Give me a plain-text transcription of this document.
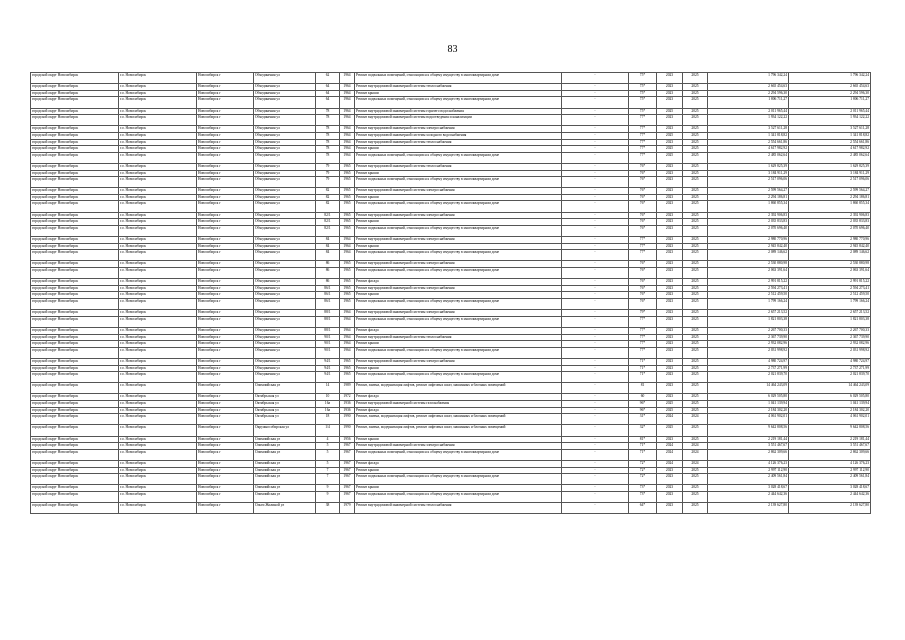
83
городской округ Новосибирск	г.о. Новосибирск	Новосибирск г	Объединения ул	62	1964	Ремонт подвальных помещений, относящихся к общему имуществу в многоквартирном доме	-	75*	2023	2025	1 796 342,24	1 796 342,24
городской округ Новосибирск	г.о. Новосибирск	Новосибирск г	Объединения ул	64	1964	Ремонт внутридомовой инженерной системы теплоснабжения	-	75*	2023	2025	2 665 454,63	2 665 454,63
городской округ Новосибирск	г.о. Новосибирск	Новосибирск г	Объединения ул	64	1964	Ремонт крыши	-	75*	2023	2025	2 294 596,30	2 294 596,30
городской округ Новосибирск	г.о. Новосибирск	Новосибирск г	Объединения ул	64	1964	Ремонт подвальных помещений, относящихся к общему имуществу в многоквартирном доме	-	75*	2023	2025	1 806 711,27	1 806 711,27
городской округ Новосибирск	г.о. Новосибирск	Новосибирск г	Объединения ул	78	1964	Ремонт внутридомовой инженерной системы горячего водоснабжения	-	75*	2025	2025	2 011 965,44	2 011 965,44
городской округ Новосибирск	г.о. Новосибирск	Новосибирск г	Объединения ул	78	1964	Ремонт внутридомовой инженерной системы водоотведения и канализации	-	77*	2023	2025	1 934 122,22	1 934 122,22
городской округ Новосибирск	г.о. Новосибирск	Новосибирск г	Объединения ул	78	1964	Ремонт внутридомовой инженерной системы электроснабжения	-	77*	2023	2025	3 527 611,28	3 527 611,28
городской округ Новосибирск	г.о. Новосибирск	Новосибирск г	Объединения ул	78	1964	Ремонт внутридомовой инженерной системы холодного водоснабжения	-	77*	2025	2025	1 341 818,82	1 341 818,82
городской округ Новосибирск	г.о. Новосибирск	Новосибирск г	Объединения ул	78	1964	Ремонт внутридомовой инженерной системы теплоснабжения	-	77*	2023	2025	2 554 661,86	2 554 661,86
городской округ Новосибирск	г.о. Новосибирск	Новосибирск г	Объединения ул	78	1964	Ремонт крыши	-	77*	2025	2025	4 617 982,92	4 617 982,92
городской округ Новосибирск	г.о. Новосибирск	Новосибирск г	Объединения ул	78	1964	Ремонт подвальных помещений, относящихся к общему имуществу в многоквартирном доме	-	77*	2025	2025	2 485 062,64	2 485 062,64
городской округ Новосибирск	г.о. Новосибирск	Новосибирск г	Объединения ул	79	1965	Ремонт внутридомовой инженерной системы теплоснабжения	-	76*	2023	2025	1 629 825,39	1 629 825,39
городской округ Новосибирск	г.о. Новосибирск	Новосибирск г	Объединения ул	79	1965	Ремонт крыши	-	76*	2023	2025	3 184 911,29	3 184 911,29
городской округ Новосибирск	г.о. Новосибирск	Новосибирск г	Объединения ул	79	1965	Ремонт подвальных помещений, относящихся к общему имуществу в многоквартирном доме	-	76*	2023	2025	2 517 096,06	2 517 096,06
городской округ Новосибирск	г.о. Новосибирск	Новосибирск г	Объединения ул	82	1965	Ремонт внутридомовой инженерной системы электроснабжения	-	76*	2023	2025	2 599 564,27	2 599 564,27
городской округ Новосибирск	г.о. Новосибирск	Новосибирск г	Объединения ул	82	1965	Ремонт крыши	-	76*	2023	2025	2 294 186,81	2 294 186,81
городской округ Новосибирск	г.о. Новосибирск	Новосибирск г	Объединения ул	82	1965	Ремонт подвальных помещений, относящихся к общему имуществу в многоквартирном доме	-	76*	2023	2025	1 860 855,34	1 860 855,34
городской округ Новосибирск	г.о. Новосибирск	Новосибирск г	Объединения ул	82/1	1965	Ремонт внутридомовой инженерной системы электроснабжения	-	76*	2023	2025	2 392 906,83	2 392 906,83
городской округ Новосибирск	г.о. Новосибирск	Новосибирск г	Объединения ул	82/1	1965	Ремонт крыши	-	76*	2023	2025	2 035 833,83	2 035 833,83
городской округ Новосибирск	г.о. Новосибирск	Новосибирск г	Объединения ул	82/1	1965	Ремонт подвальных помещений, относящихся к общему имуществу в многоквартирном доме	-	76*	2023	2025	2 070 696,40	2 070 696,40
городской округ Новосибирск	г.о. Новосибирск	Новосибирск г	Объединения ул	84	1964	Ремонт внутридомовой инженерной системы электроснабжения	-	77*	2023	2025	2 980 770,96	2 980 770,96
городской округ Новосибирск	г.о. Новосибирск	Новосибирск г	Объединения ул	84	1964	Ремонт крыши	-	77*	2023	2025	2 945 842,40	2 945 842,40
городской округ Новосибирск	г.о. Новосибирск	Новосибирск г	Объединения ул	84	1964	Ремонт подвальных помещений, относящихся к общему имуществу в многоквартирном доме	-	77*	2023	2025	2 089 146,62	2 089 146,62
городской округ Новосибирск	г.о. Новосибирск	Новосибирск г	Объединения ул	86	1965	Ремонт внутридомовой инженерной системы электроснабжения	-	76*	2023	2025	2 530 880,98	2 530 880,98
городской округ Новосибирск	г.о. Новосибирск	Новосибирск г	Объединения ул	86	1965	Ремонт подвальных помещений, относящихся к общему имуществу в многоквартирном доме	-	76*	2023	2025	2 063 391,64	2 063 391,64
городской округ Новосибирск	г.о. Новосибирск	Новосибирск г	Объединения ул	86	1965	Ремонт фасада	-	76*	2023	2025	2 991 815,22	2 991 815,22
городской округ Новосибирск	г.о. Новосибирск	Новосибирск г	Объединения ул	86/1	1965	Ремонт внутридомовой инженерной системы электроснабжения	-	76*	2023	2025	2 594 273,41	2 594 273,41
городской округ Новосибирск	г.о. Новосибирск	Новосибирск г	Объединения ул	86/1	1965	Ремонт крыши	-	76*	2023	2025	2 512 459,50	2 512 459,50
городской округ Новосибирск	г.о. Новосибирск	Новосибирск г	Объединения ул	86/1	1965	Ремонт подвальных помещений, относящихся к общему имуществу в многоквартирном доме	-	76*	2023	2025	1 799 166,24	1 799 166,24
городской округ Новосибирск	г.о. Новосибирск	Новосибирск г	Объединения ул	88/1	1964	Ремонт внутридомовой инженерной системы электроснабжения	-	79*	2023	2025	2 657 213,52	2 657 213,52
городской округ Новосибирск	г.о. Новосибирск	Новосибирск г	Объединения ул	88/1	1964	Ремонт подвальных помещений, относящихся к общему имуществу в многоквартирном доме	-	77*	2023	2025	1 821 803,38	1 821 803,38
городской округ Новосибирск	г.о. Новосибирск	Новосибирск г	Объединения ул	88/1	1964	Ремонт фасада	-	77*	2023	2025	2 267 700,33	2 267 700,33
городской округ Новосибирск	г.о. Новосибирск	Новосибирск г	Объединения ул	90/1	1964	Ремонт внутридомовой инженерной системы теплоснабжения	-	77*	2023	2025	2 367 739,90	2 367 739,90
городской округ Новосибирск	г.о. Новосибирск	Новосибирск г	Объединения ул	90/1	1964	Ремонт крыши	-	77*	2023	2025	2 932 082,96	2 932 082,96
городской округ Новосибирск	г.о. Новосибирск	Новосибирск г	Объединения ул	90/1	1964	Ремонт подвальных помещений, относящихся к общему имуществу в многоквартирном доме	-	77*	2023	2025	2 031 998,92	2 031 998,92
городской округ Новосибирск	г.о. Новосибирск	Новосибирск г	Объединения ул	94/1	1965	Ремонт внутридомовой инженерной системы электроснабжения	-	71*	2023	2025	4 980 724,97	4 980 724,97
городской округ Новосибирск	г.о. Новосибирск	Новосибирск г	Объединения ул	94/1	1965	Ремонт крыши	-	71*	2023	2025	2 737 271,99	2 737 271,99
городской округ Новосибирск	г.о. Новосибирск	Новосибирск г	Объединения ул	94/1	1965	Ремонт подвальных помещений, относящихся к общему имуществу в многоквартирном доме	-	71*	2023	2025	2 021 839,70	2 021 839,70
городской округ Новосибирск	г.о. Новосибирск	Новосибирск г	Олимпийская ул	14	1989	Ремонт, замена, модернизация лифтов, ремонт лифтовых шахт, машинных и блочных помещений	-	81	2023	2025	14 464 243,09	14 464 243,09
городской округ Новосибирск	г.о. Новосибирск	Новосибирск г	Октябрьская ул	10	1972	Ремонт фасада	-	60	2023	2025	6 029 505,80	6 029 505,80
городской округ Новосибирск	г.о. Новосибирск	Новосибирск г	Октябрьская ул	16а	1936	Ремонт внутридомовой инженерной системы газоснабжения	-	96*	2025	2025	1 041 139,94	1 041 139,94
городской округ Новосибирск	г.о. Новосибирск	Новосибирск г	Октябрьская ул	16а	1936	Ремонт фасада	-	96*	2025	2025	2 184 302,20	2 184 302,20
городской округ Новосибирск	г.о. Новосибирск	Новосибирск г	Октябрьская ул	18	1990	Ремонт, замена, модернизация лифтов, ремонт лифтовых шахт, машинных и блочных помещений	-	31*	2024	2024	4 061 902,01	4 061 902,01
городской округ Новосибирск	г.о. Новосибирск	Новосибирск г	Окружнособирская ул	1/4	1990	Ремонт, замена, модернизация лифтов, ремонт лифтовых шахт, машинных и блочных помещений	-	32*	2025	2025	9 642 808,56	9 642 808,56
городской округ Новосибирск	г.о. Новосибирск	Новосибирск г	Олимпийская ул	4	1956	Ремонт крыши	-	81*	2023	2025	2 219 181,44	2 219 181,44
городской округ Новосибирск	г.о. Новосибирск	Новосибирск г	Олимпийская ул	5	1967	Ремонт внутридомовой инженерной системы электроснабжения	-	71*	2024	2024	3 551 467,67	3 551 467,67
городской округ Новосибирск	г.о. Новосибирск	Новосибирск г	Олимпийская ул	5	1967	Ремонт подвальных помещений, относящихся к общему имуществу в многоквартирном доме	-	71*	2024	2024	2 862 309,66	2 862 309,66
городской округ Новосибирск	г.о. Новосибирск	Новосибирск г	Олимпийская ул	5	1967	Ремонт фасада	-	72*	2024	2024	4 126 376,23	4 126 376,23
городской округ Новосибирск	г.о. Новосибирск	Новосибирск г	Олимпийская ул	7	1967	Ремонт крыши	-	72*	2023	2025	2 997 112,90	2 997 112,90
городской округ Новосибирск	г.о. Новосибирск	Новосибирск г	Олимпийская ул	7	1967	Ремонт подвальных помещений, относящихся к общему имуществу в многоквартирном доме	-	72*	2023	2025	2 409 561,84	2 409 561,84
городской округ Новосибирск	г.о. Новосибирск	Новосибирск г	Олимпийская ул	9	1967	Ремонт крыши	-	73*	2023	2025	3 028 418,67	3 028 418,67
городской округ Новосибирск	г.о. Новосибирск	Новосибирск г	Олимпийская ул	9	1967	Ремонт подвальных помещений, относящихся к общему имуществу в многоквартирном доме	-	73*	2023	2025	2 444 642,36	2 444 642,36
городской округ Новосибирск	г.о. Новосибирск	Новосибирск г	Ольги Жилиной ул	38	1979	Ремонт внутридомовой инженерной системы теплоснабжения	-	64*	2023	2025	2 139 627,80	2 139 627,80
